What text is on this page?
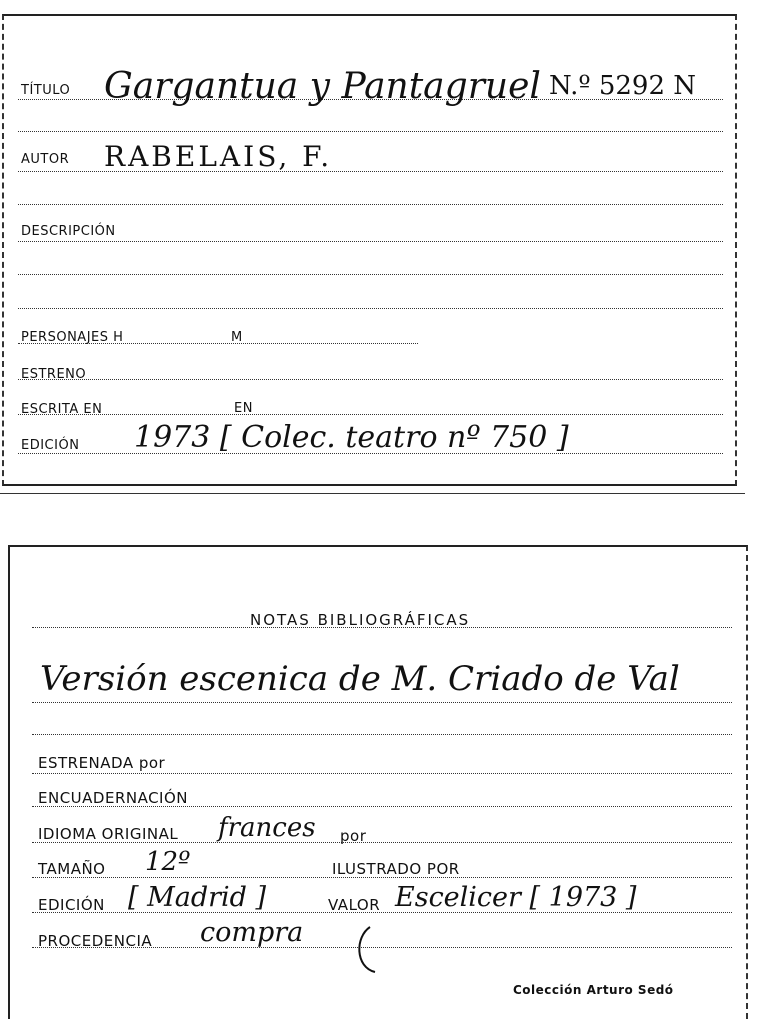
TÍTULO Gargantua y Pantagruel N.º 5292 N
AUTOR RABELAIS, F.
DESCRIPCIÓN
PERSONAJES H	M
ESTRENO
ESCRITA EN	EN
EDICIÓN 1973 [ Colec. teatro nº 750 ]
NOTAS BIBLIOGRÁFICAS
Versión escenica de M. Criado de Val
ESTRENADA por
ENCUADERNACIÓN
IDIOMA ORIGINAL frances por
TAMAÑO 12º	ILUSTRADO POR
EDICIÓN [ Madrid ]	VALOR Escelicer [ 1973 ]
PROCEDENCIA compra
Colección Arturo Sedó
